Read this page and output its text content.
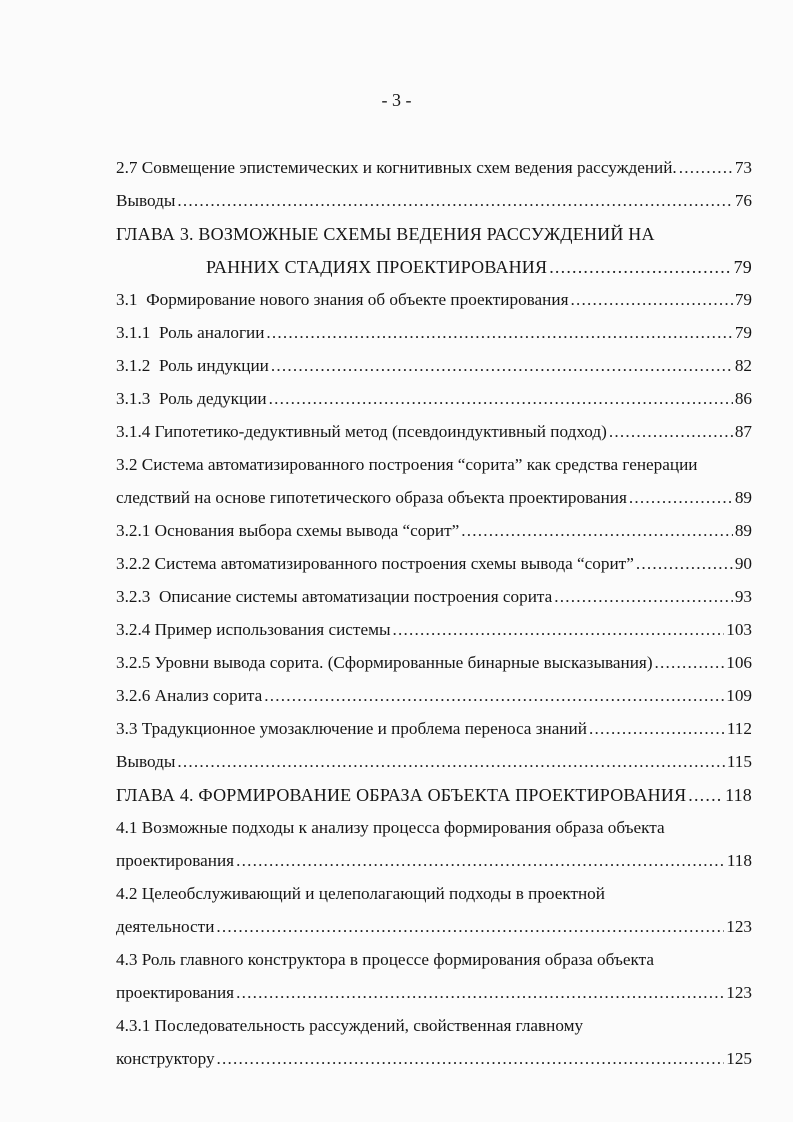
- 3 -
2.7 Совмещение эпистемических и когнитивных схем ведения рассуждений. .....	73
Выводы .....	76
ГЛАВА 3. ВОЗМОЖНЫЕ СХЕМЫ ВЕДЕНИЯ РАССУЖДЕНИЙ НА
РАННИХ СТАДИЯХ ПРОЕКТИРОВАНИЯ .....	79
3.1  Формирование нового знания об объекте проектирования .....	79
3.1.1  Роль аналогии .....	79
3.1.2  Роль индукции .....	82
3.1.3  Роль дедукции .....	86
3.1.4 Гипотетико-дедуктивный метод (псевдоиндуктивный подход) .....	87
3.2 Система автоматизированного построения “сорита” как средства генерации
следствий на основе гипотетического образа объекта проектирования .....	89
3.2.1 Основания выбора схемы вывода “сорит” .....	89
3.2.2 Система автоматизированного построения схемы вывода “сорит” .....	90
3.2.3  Описание системы автоматизации построения сорита .....	93
3.2.4 Пример использования системы .....	103
3.2.5 Уровни вывода сорита. (Сформированные бинарные высказывания) .....	106
3.2.6 Анализ сорита .....	109
3.3 Традукционное умозаключение и проблема переноса знаний .....	112
Выводы .....	115
ГЛАВА 4. ФОРМИРОВАНИЕ ОБРАЗА ОБЪЕКТА ПРОЕКТИРОВАНИЯ ..... 118
4.1 Возможные подходы к анализу процесса формирования образа объекта
проектирования .....	118
4.2 Целеобслуживающий и целеполагающий подходы в проектной
деятельности .....	123
4.3 Роль главного конструктора в процессе формирования образа объекта
проектирования .....	123
4.3.1 Последовательность рассуждений, свойственная главному
конструктору .....	125
